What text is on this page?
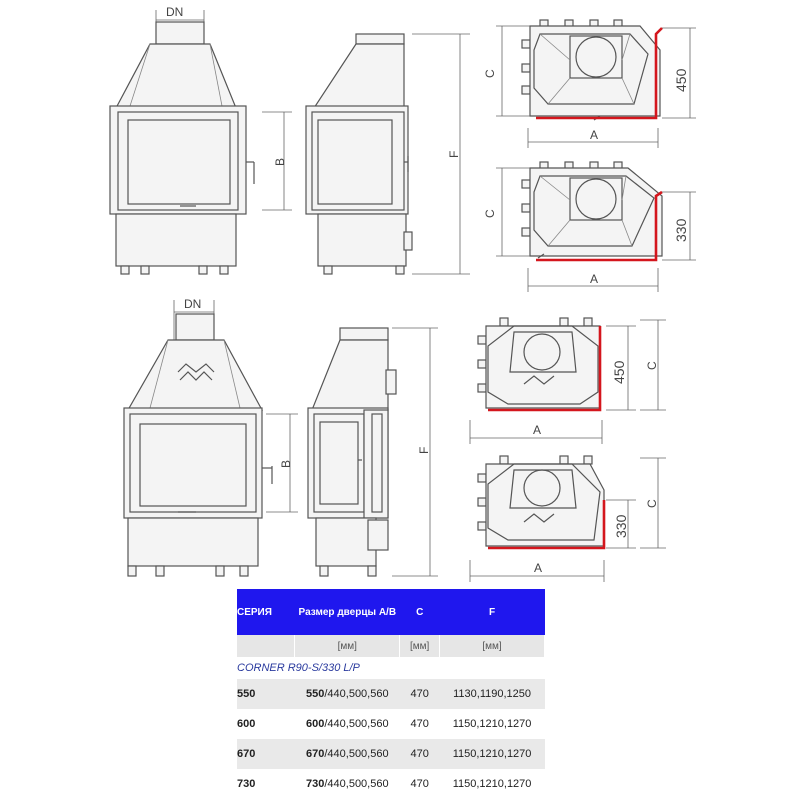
DN
B
F
A
C	450
A
C
330
DN
B
F
A
450 C
A
330
C
СЕРИЯ	Размер дверцы А/В	C	F
	[мм]	[мм]	[мм]
CORNER R90-S/330 L/P			
550	550/440,500,560	470	1130,1190,1250
600	600/440,500,560	470	1150,1210,1270
670	670/440,500,560	470	1150,1210,1270
730	730/440,500,560	470	1150,1210,1270
